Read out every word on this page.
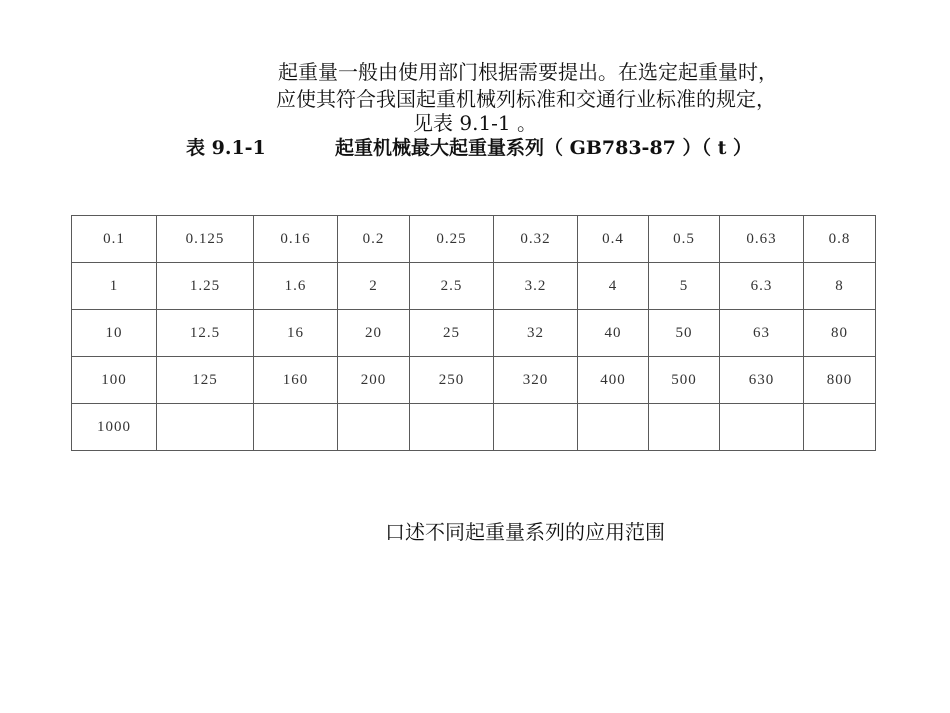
起重量一般由使用部门根据需要提出。在选定起重量时，
应使其符合我国起重机械列标准和交通行业标准的规定，
见表 9.1-1 。
表 9.1-1	起重机械最大起重量系列（ GB783-87 ）（ t ）
0.1	0.125	0.16	0.2	0.25	0.32	0.4	0.5	0.63	0.8
1	1.25	1.6	2	2.5	3.2	4	5	6.3	8
10	12.5	16	20	25	32	40	50	63	80
100	125	160	200	250	320	400	500	630	800
1000									
口述不同起重量系列的应用范围
